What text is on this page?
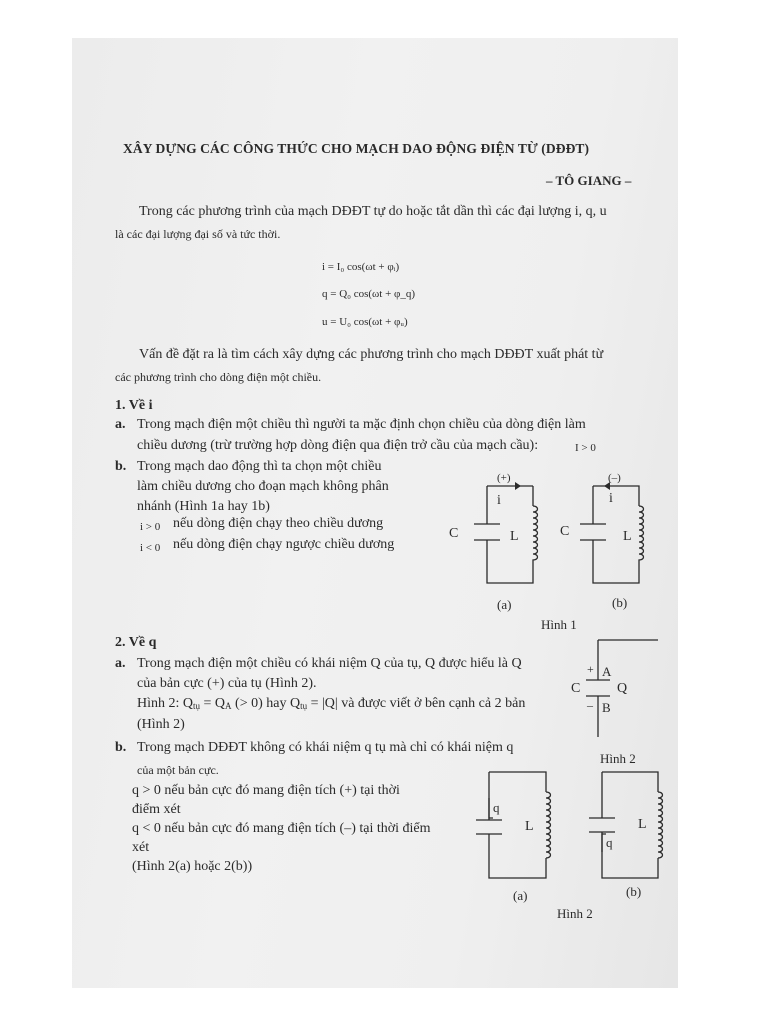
XÂY DỰNG CÁC CÔNG THỨC CHO MẠCH DAO ĐỘNG ĐIỆN TỪ (DĐĐT)
– TÔ GIANG –
Trong các phương trình của mạch DĐĐT tự do hoặc tắt dần thì các đại lượng i, q, u
là các đại lượng đại số và tức thời.
i = I₀ cos(ωt + φᵢ)
q = Q₀ cos(ωt + φ_q)
u = U₀ cos(ωt + φᵤ)
Vấn đề đặt ra là tìm cách xây dựng các phương trình cho mạch DĐĐT xuất phát từ
các phương trình cho dòng điện một chiều.
1. Về i
a. Trong mạch điện một chiều thì người ta mặc định chọn chiều của dòng điện làm
chiều dương (trừ trường hợp dòng điện qua điện trở cầu của mạch cầu):	I > 0
b. Trong mạch dao động thì ta chọn một chiều
làm chiều dương cho đoạn mạch không phân
nhánh (Hình 1a hay 1b)
i > 0 nếu dòng điện chạy theo chiều dương
i < 0 nếu dòng điện chạy ngược chiều dương
(+)
i
C	L
(–)
i
C	L
(a)	(b)
Hình 1
2. Về q
a. Trong mạch điện một chiều có khái niệm Q của tụ, Q được hiểu là Q
của bản cực (+) của tụ (Hình 2).
Hình 2: $Q_{tụ} = Q_A$ (> 0) hay $Q_{tụ} = |Q|$ và được viết ở bên cạnh cả 2 bản
(Hình 2)
+
–
A
B
C	Q
Hình 2
b. Trong mạch DĐĐT không có khái niệm q tụ mà chỉ có khái niệm q
của một bản cực.
q > 0 nếu bản cực đó mang điện tích (+) tại thời
điểm xét
q < 0 nếu bản cực đó mang điện tích (–) tại thời điểm
xét
(Hình 2(a) hoặc 2(b))
q
L
q
L
(a)	(b)
Hình 2
